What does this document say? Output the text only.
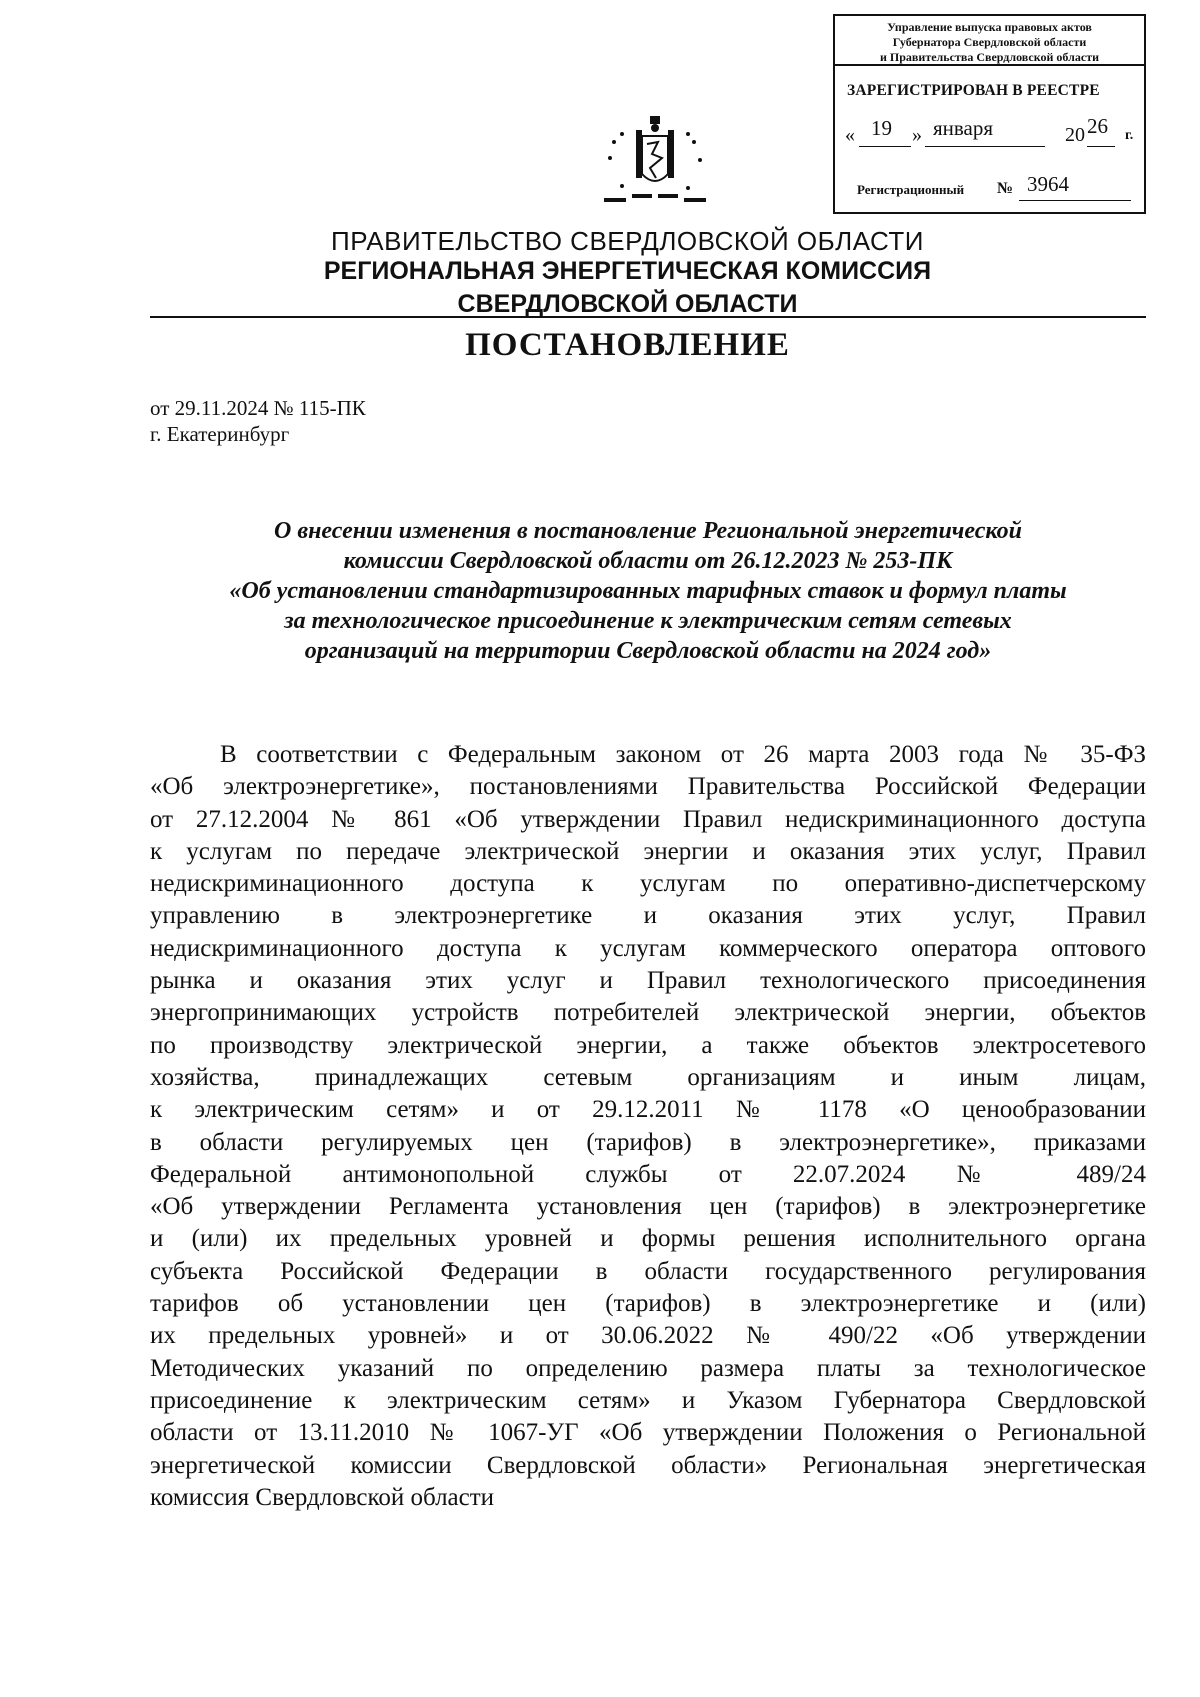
Управление выпуска правовых актов
Губернатора Свердловской области
и Правительства Свердловской области
ЗАРЕГИСТРИРОВАН В РЕЕСТРЕ
« 19 » января	20 26 г.
Регистрационный № 3964
ПРАВИТЕЛЬСТВО СВЕРДЛОВСКОЙ ОБЛАСТИ
РЕГИОНАЛЬНАЯ ЭНЕРГЕТИЧЕСКАЯ КОМИССИЯ
СВЕРДЛОВСКОЙ ОБЛАСТИ
ПОСТАНОВЛЕНИЕ
от 29.11.2024 № 115-ПК
г. Екатеринбург
О внесении изменения в постановление Региональной энергетической
комиссии Свердловской области от 26.12.2023 № 253-ПК
«Об установлении стандартизированных тарифных ставок и формул платы
за технологическое присоединение к электрическим сетям сетевых
организаций на территории Свердловской области на 2024 год»
В соответствии с Федеральным законом от 26 марта 2003 года № 35-ФЗ
«Об электроэнергетике», постановлениями Правительства Российской Федерации
от 27.12.2004 № 861 «Об утверждении Правил недискриминационного доступа
к услугам по передаче электрической энергии и оказания этих услуг, Правил
недискриминационного доступа к услугам по оперативно-диспетчерскому
управлению в электроэнергетике и оказания этих услуг, Правил
недискриминационного доступа к услугам коммерческого оператора оптового
рынка и оказания этих услуг и Правил технологического присоединения
энергопринимающих устройств потребителей электрической энергии, объектов
по производству электрической энергии, а также объектов электросетевого
хозяйства, принадлежащих сетевым организациям и иным лицам,
к электрическим сетям» и от 29.12.2011 № 1178 «О ценообразовании
в области регулируемых цен (тарифов) в электроэнергетике», приказами
Федеральной антимонопольной службы от 22.07.2024 № 489/24
«Об утверждении Регламента установления цен (тарифов) в электроэнергетике
и (или) их предельных уровней и формы решения исполнительного органа
субъекта Российской Федерации в области государственного регулирования
тарифов об установлении цен (тарифов) в электроэнергетике и (или)
их предельных уровней» и от 30.06.2022 № 490/22 «Об утверждении
Методических указаний по определению размера платы за технологическое
присоединение к электрическим сетям» и Указом Губернатора Свердловской
области от 13.11.2010 № 1067-УГ «Об утверждении Положения о Региональной
энергетической комиссии Свердловской области» Региональная энергетическая
комиссия Свердловской области
